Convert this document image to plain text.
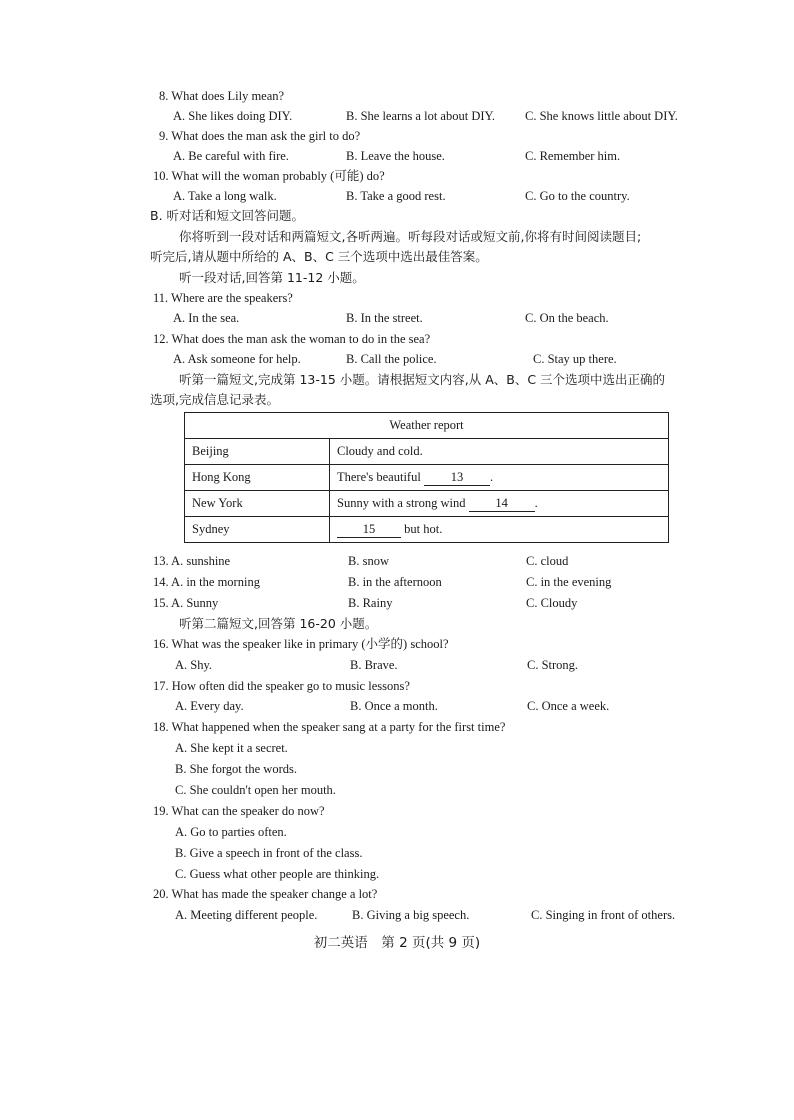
8. What does Lily mean?
A. She likes doing DIY.	B. She learns a lot about DIY. C. She knows little about DIY.
9. What does the man ask the girl to do?
A. Be careful with fire.	B. Leave the house.	C. Remember him.
10. What will the woman probably (可能) do?
A. Take a long walk.	B. Take a good rest.	C. Go to the country.
B. 听对话和短文回答问题。
你将听到一段对话和两篇短文,各听两遍。听每段对话或短文前,你将有时间阅读题目;
听完后,请从题中所给的 A、B、C 三个选项中选出最佳答案。
听一段对话,回答第 11-12 小题。
11. Where are the speakers?
A. In the sea.	B. In the street.	C. On the beach.
12. What does the man ask the woman to do in the sea?
A. Ask someone for help.	B. Call the police.	C. Stay up there.
听第一篇短文,完成第 13-15 小题。请根据短文内容,从 A、B、C 三个选项中选出正确的
选项,完成信息记录表。
Weather report	
Beijing	Cloudy and cold.
Hong Kong	There's beautiful 13 .
New York	Sunny with a strong wind 14 .
Sydney	15 but hot.
13. A. sunshine	B. snow	C. cloud
14. A. in the morning	B. in the afternoon	C. in the evening
15. A. Sunny	B. Rainy	C. Cloudy
听第二篇短文,回答第 16-20 小题。
16. What was the speaker like in primary (小学的) school?
A. Shy.	B. Brave.	C. Strong.
17. How often did the speaker go to music lessons?
A. Every day.	B. Once a month.	C. Once a week.
18. What happened when the speaker sang at a party for the first time?
A. She kept it a secret.
B. She forgot the words.
C. She couldn't open her mouth.
19. What can the speaker do now?
A. Go to parties often.
B. Give a speech in front of the class.
C. Guess what other people are thinking.
20. What has made the speaker change a lot?
A. Meeting different people.	B. Giving a big speech.	C. Singing in front of others.
初二英语　第 2 页(共 9 页)
